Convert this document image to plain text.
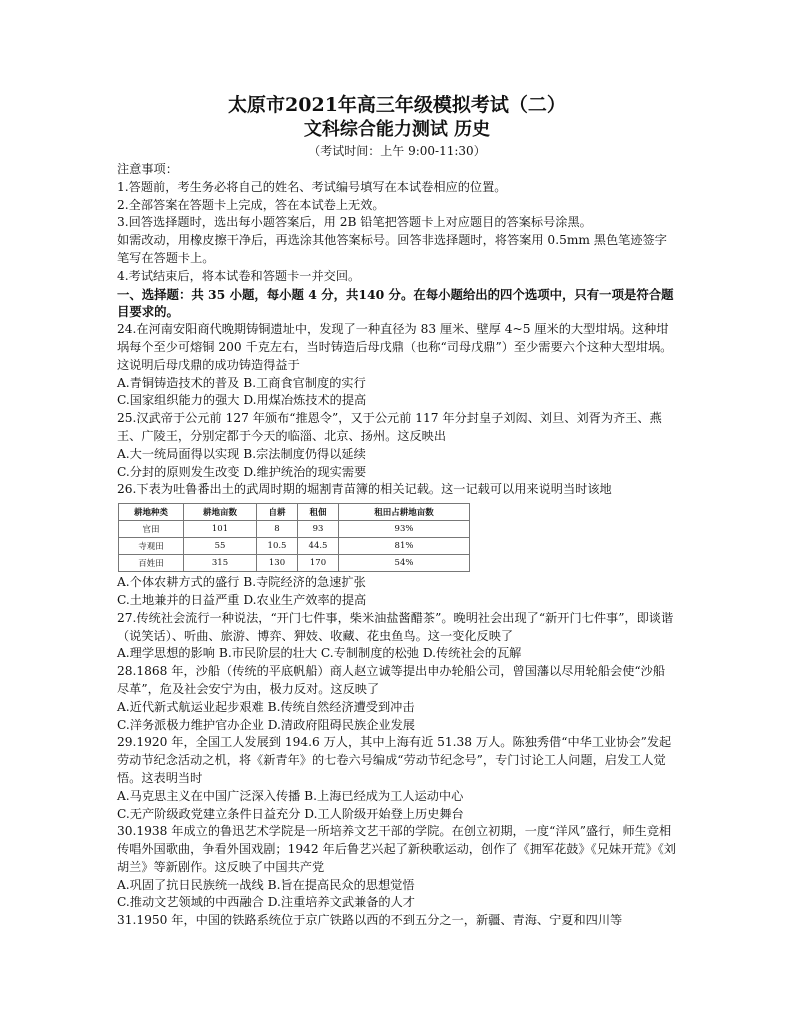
太原市2021年高三年级模拟考试（二）

文科综合能力测试 历史

（考试时间：上午 9:00-11:30）

注意事项：

1.答题前，考生务必将自己的姓名、考试编号填写在本试卷相应的位置。

2.全部答案在答题卡上完成，答在本试卷上无效。

3.回答选择题时，选出每小题答案后，用 2B 铅笔把答题卡上对应题目的答案标号涂黑。

如需改动，用橡皮擦干净后，再选涂其他答案标号。回答非选择题时，将答案用 0.5mm 黑色笔迹签字笔写在答题卡上。

4.考试结束后，将本试卷和答题卡一并交回。

一、选择题：共 35 小题，每小题 4 分，共140 分。在每小题给出的四个选项中，只有一项是符合题目要求的。

24.在河南安阳商代晚期铸铜遗址中，发现了一种直径为 83 厘米、壁厚 4~5 厘米的大型坩埚。这种坩埚每个至少可熔铜 200 千克左右，当时铸造后母戊鼎（也称“司母戊鼎”）至少需要六个这种大型坩埚。这说明后母戊鼎的成功铸造得益于

A.青铜铸造技术的普及 B.工商食官制度的实行

C.国家组织能力的强大 D.用煤冶炼技术的提高

25.汉武帝于公元前 127 年颁布“推恩令”，又于公元前 117 年分封皇子刘闳、刘旦、刘胥为齐王、燕王、广陵王，分别定都于今天的临淄、北京、扬州。这反映出

A.大一统局面得以实现 B.宗法制度仍得以延续

C.分封的原则发生改变 D.维护统治的现实需要

26.下表为吐鲁番出土的武周时期的堀割青苗簿的相关记载。这一记载可以用来说明当时该地

耕地种类	耕地亩数	自耕	租佃	租田占耕地亩数
官田	101	8	93	93%
寺观田	55	10.5	44.5	81%
百姓田	315	130	170	54%

A.个体农耕方式的盛行 B.寺院经济的急速扩张

C.土地兼并的日益严重 D.农业生产效率的提高

27.传统社会流行一种说法，“开门七件事，柴米油盐酱醋茶”。晚明社会出现了“新开门七件事”，即谈谐（说笑话）、听曲、旅游、博弈、狎妓、收藏、花虫鱼鸟。这一变化反映了

A.理学思想的影响 B.市民阶层的壮大 C.专制制度的松弛 D.传统社会的瓦解

28.1868 年，沙船（传统的平底帆船）商人赵立诚等提出申办轮船公司，曾国藩以尽用轮船会使“沙船尽革”，危及社会安宁为由，极力反对。这反映了

A.近代新式航运业起步艰难 B.传统自然经济遭受到冲击

C.洋务派极力维护官办企业 D.清政府阻碍民族企业发展

29.1920 年，全国工人发展到 194.6 万人，其中上海有近 51.38 万人。陈独秀借“中华工业协会”发起劳动节纪念活动之机，将《新青年》的七卷六号编成“劳动节纪念号”，专门讨论工人问题，启发工人觉悟。这表明当时

A.马克思主义在中国广泛深入传播 B.上海已经成为工人运动中心

C.无产阶级政党建立条件日益充分 D.工人阶级开始登上历史舞台

30.1938 年成立的鲁迅艺术学院是一所培养文艺干部的学院。在创立初期，一度“洋风”盛行，师生竞相传唱外国歌曲，争看外国戏剧；1942 年后鲁艺兴起了新秧歌运动，创作了《拥军花鼓》《兄妹开荒》《刘胡兰》等新剧作。这反映了中国共产党

A.巩固了抗日民族统一战线 B.旨在提高民众的思想觉悟

C.推动文艺领域的中西融合 D.注重培养文武兼备的人才

31.1950 年，中国的铁路系统位于京广铁路以西的不到五分之一，新疆、青海、宁夏和四川等
